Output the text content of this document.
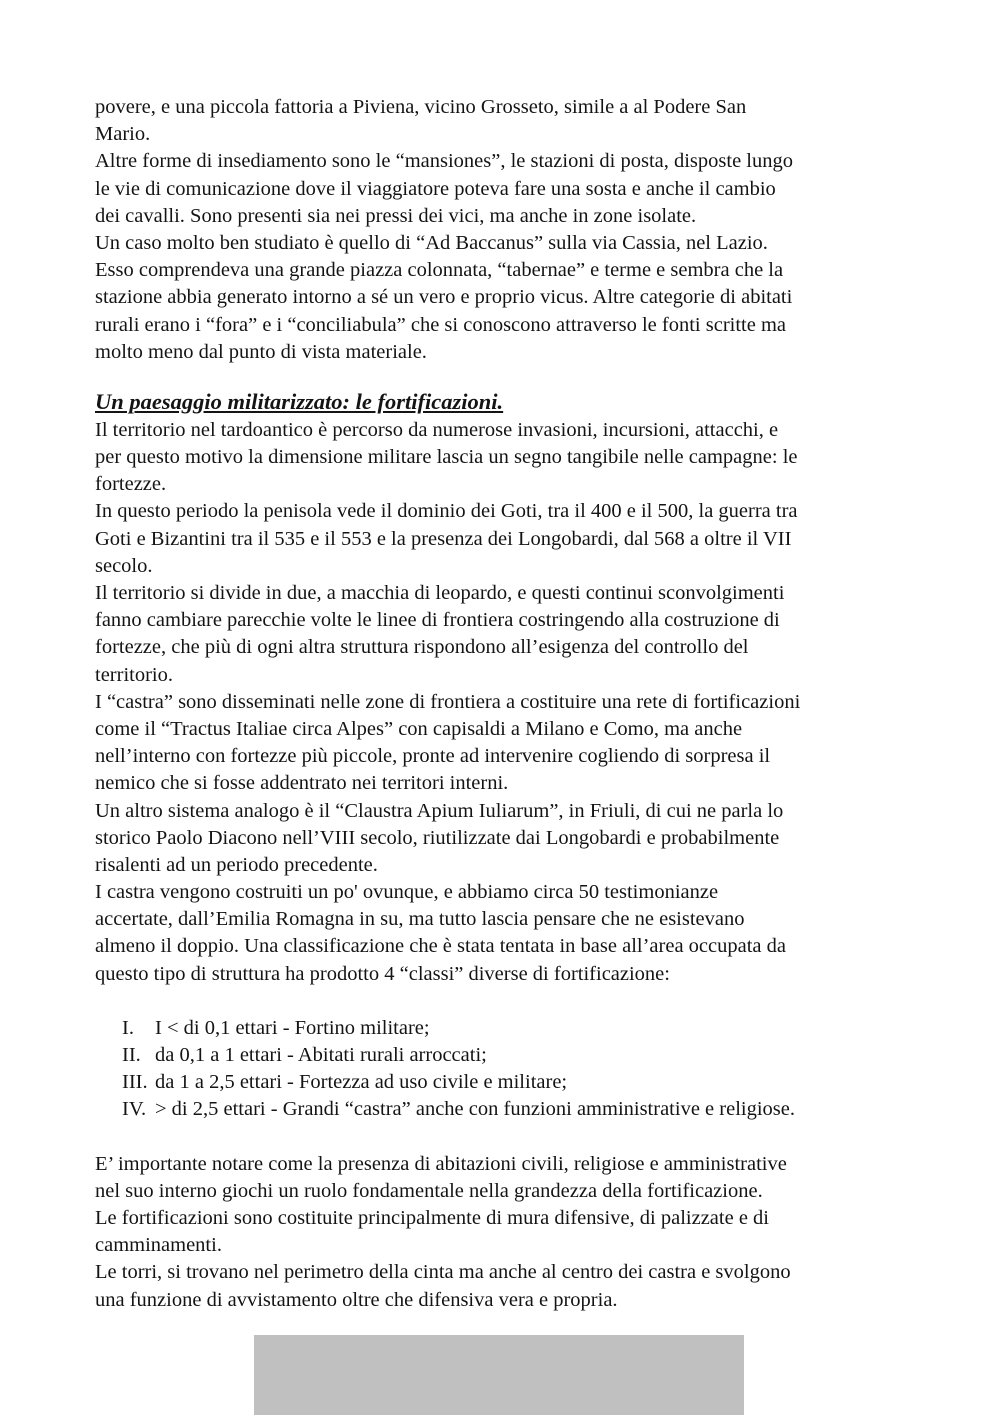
povere, e una piccola fattoria a Piviena, vicino Grosseto, simile a al Podere San
Mario.
Altre forme di insediamento sono le “mansiones”, le stazioni di posta, disposte lungo
le vie di comunicazione dove il viaggiatore poteva fare una sosta e anche il cambio
dei cavalli. Sono presenti sia nei pressi dei vici, ma anche in zone isolate.
Un caso molto ben studiato è quello di “Ad Baccanus” sulla via Cassia, nel Lazio.
Esso comprendeva una grande piazza colonnata, “tabernae” e terme e sembra che la
stazione abbia generato intorno a sé un vero e proprio vicus. Altre categorie di abitati
rurali erano i “fora” e i “conciliabula” che si conoscono attraverso le fonti scritte ma
molto meno dal punto di vista materiale.
Un paesaggio militarizzato: le fortificazioni.
Il territorio nel tardoantico è percorso da numerose invasioni, incursioni, attacchi, e
per questo motivo la dimensione militare lascia un segno tangibile nelle campagne: le
fortezze.
In questo periodo la penisola vede il dominio dei Goti, tra il 400 e il 500, la guerra tra
Goti e Bizantini tra il 535 e il 553 e la presenza dei Longobardi, dal 568 a oltre il VII
secolo.
Il territorio si divide in due, a macchia di leopardo, e questi continui sconvolgimenti
fanno cambiare parecchie volte le linee di frontiera costringendo alla costruzione di
fortezze, che più di ogni altra struttura rispondono all’esigenza del controllo del
territorio.
I “castra” sono disseminati nelle zone di frontiera a costituire una rete di fortificazioni
come il “Tractus Italiae circa Alpes” con capisaldi a Milano e Como, ma anche
nell’interno con fortezze più piccole, pronte ad intervenire cogliendo di sorpresa il
nemico che si fosse addentrato nei territori interni.
Un altro sistema analogo è il “Claustra Apium Iuliarum”, in Friuli, di cui ne parla lo
storico Paolo Diacono nell’VIII secolo, riutilizzate dai Longobardi e probabilmente
risalenti ad un periodo precedente.
I castra vengono costruiti un po' ovunque, e abbiamo circa 50 testimonianze
accertate, dall’Emilia Romagna in su, ma tutto lascia pensare che ne esistevano
almeno il doppio. Una classificazione che è stata tentata in base all’area occupata da
questo tipo di struttura ha prodotto 4 “classi” diverse di fortificazione:
I. I < di 0,1 ettari - Fortino militare;
II. da 0,1 a 1 ettari - Abitati rurali arroccati;
III. da 1 a 2,5 ettari - Fortezza ad uso civile e militare;
IV. > di 2,5 ettari - Grandi “castra” anche con funzioni amministrative e religiose.
E’ importante notare come la presenza di abitazioni civili, religiose e amministrative
nel suo interno giochi un ruolo fondamentale nella grandezza della fortificazione.
Le fortificazioni sono costituite principalmente di mura difensive, di palizzate e di
camminamenti.
Le torri, si trovano nel perimetro della cinta ma anche al centro dei castra e svolgono
una funzione di avvistamento oltre che difensiva vera e propria.
